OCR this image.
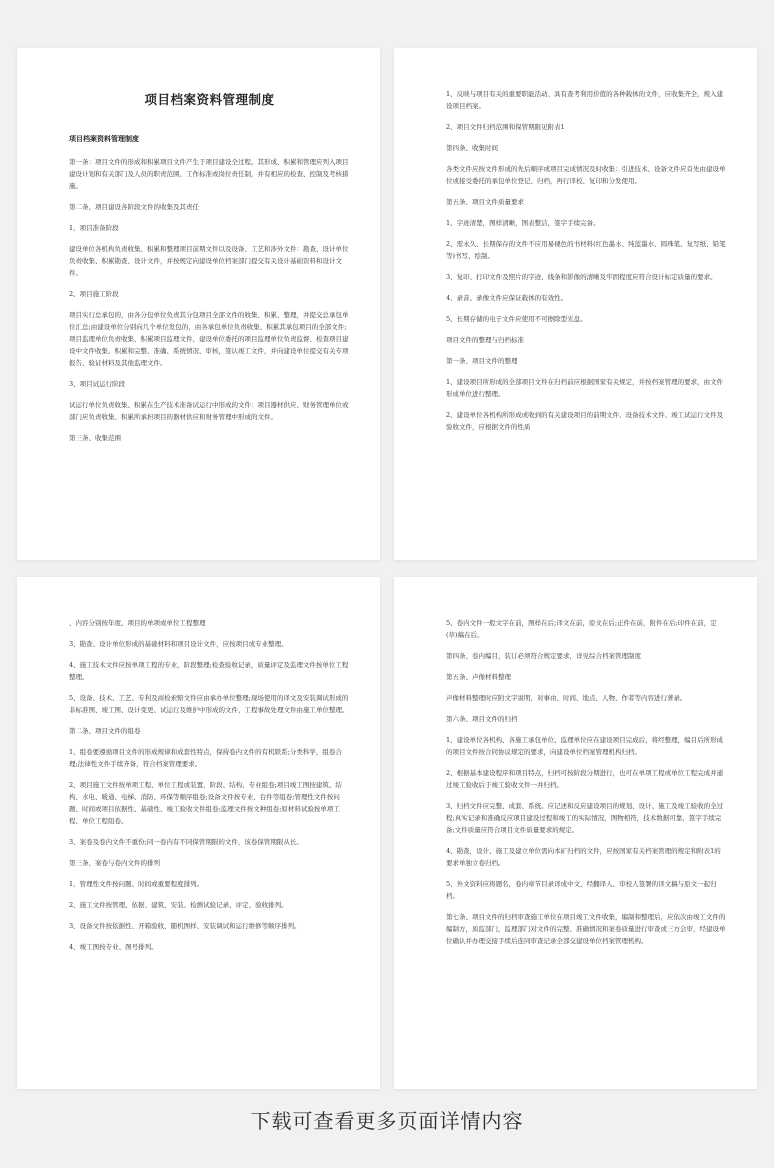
项目档案资料管理制度
项目档案资料管理制度
第一条：项目文件的形成和积累项目文件产生于项目建设全过程。其形成、积累和管理应列入项目建设计划和有关部门及人员的职责范围、工作标准或岗位责任制，并有相应的检查、控制及考核措施。
第二条、项目建设各阶段文件的收集及其责任
1、项目准备阶段
建设单位各机构负责收集、积累和整理项目前期文件以及设备、工艺和涉外文件：勘查、设计单位负责收集、积累勘查、设计文件，并按规定向建设单位档案部门提交有关设计基础资料和设计文件。
2、项目施工阶段
项目实行总承包的，由各分包单位负责其分包项目全部文件的收集、积累、整理，并提交总承包单位汇总;由建设单位分别向几个单位发包的，由各承包单位负责收集、积累其承包项目的全部文件;项目监理单位负责收集、积累项目监理文件，建设单位委托的项目监理单位负责监督、检查项目建设中文件收集、积累和完整、准确、系统情况、审核，签认竣工文件，并向建设单位提交有关专项报告、验证材料及其他监理文件。
3、项目试运行阶段
试运行单位负责收集、积累在生产技术准备试运行中形成的文件：项目器材供应、财务管理单位或部门应负责收集、积累所承担项目的器材供应和财务管理中形成的文件。
第三条、收集范围
1、反映与项目有关的重要职能活动、具有查考利用价值的各种载体的文件，应收集齐全，规入建设项目档案。
2、项目文件归档范围和保管期限见附表1
第四条、收集时间
各类文件应按文件形成的先后顺序或项目完成情况及时收集：引进技术、设备文件应首先由建设单位或接受委托的承包单位登记、归档，再行译校、复印和分发使用。
第五条、项目文件质量要求
1、字迹清楚，图样清晰，图表整洁，签字手续完备。
2、需永久、长期保存的文件不应用易褪色的书材料(红色墨水、纯蓝墨水、圆珠笔、复写纸、铅笔等)书写、绘制。
3、复印、打印文件及照片的字迹、线条和影像的清晰及牢固程度应符合设计标定质量的要求。
4、录音、录像文件应保证载体的有效性。
5、长期存储的电子文件应使用不可擦除型光盘。
项目文件的整理与归档标准
第一条、项目文件的整理
1、建设项目所形成的全部项目文件在归档前应根据国家有关规定，并按档案管理的要求，由文件形成单位进行整理。
2、建设单位各机构所形成或收到的有关建设项目的前期文件、设备技术文件、竣工试运行文件及验收文件，应根据文件的性质
、内容分别按年度、项目的单项或单位工程整理
3、勘查、设计单位形成的基础材料和项目设计文件，应按项目或专业整理。
4、施工技术文件应按单项工程的专业，阶段整理;检查验收记录，质量评定及监理文件按单位工程整理。
5、设备、技术、工艺、专利及商检索赔文件应由承办单位整理;现场使用的译文及安装调试形成的非标准图、竣工图、设计变更、试运行及维护中形成的文件，工程事故处理文件由施工单位整理。
第二条、项目文件的组卷
1、组卷要遵循项目文件的形成规律和成套性特点，保持卷内文件的有机联系;分类科学，组卷合理;法律性文件手续齐备，符合档案管理要求。
2、项目施工文件按单项工程、单位工程或装置、阶段、结构、专业组卷;项目竣工图按建筑、结构、水电、暖通、电梯、消防、环保等顺序组卷;设备文件按专业、台件等组卷;管理性文件按问题、时间或项目依据性、基础性、竣工验收文件组卷;监理文件按文种组卷;原材料试验按单项工程、单位工程组卷。
3、案卷及卷内文件不重份;同一卷内有不同保管期限的文件，该卷保管期限从长。
第三条、案卷与卷内文件的排列
1、管理性文件按问题、时间或重要程度排列。
2、施工文件按管理、依据、建筑、安装、检测试验记录、评定、验收排列。
3、设备文件按依据性、开箱验收、随机图样、安装调试和运行维修等顺序排列。
4、竣工图按专业、图号排列。
5、卷内文件一般文字在前，图样在后;译文在前，原文在后;正件在前，附件在后;印件在前，定(草)稿在后。
第四条、卷内编目，装订必须符合规定要求，详见综合档案管理制度
第五条、声像材料整理
声像材料整理时应附文字说明，对事由、时间、地点、人物、作者等内容进行著录。
第六条、项目文件的归档
1、建设单位各机构、各施工承包单位、监理单位应在建设项目完成后，将经整理，编目后所形成的项目文件按合同协议规定的要求，向建设单位档案管理机构归档。
2、根据基本建设程序和项目特点，归档可按阶段分期进行，也可在单项工程或单位工程完成并通过竣工验收后于竣工验收文件一并归档。
3、归档文件应完整、成套、系统。应记述和反应建设项目的规划、设计、施工及竣工验收的全过程;真实记录和准确反应项目建设过程和竣工的实际情况，图物相符，技术数据可靠，签字手续完备;文件质量应符合项目文件质量要求的规定。
4、勘查，设计、施工及建立单位需向本矿归档的文件，应按国家有关档案管理的规定和附表1的要求单独立卷归档。
5、外文资料应将题名，卷内章节目录译成中文，经翻译人、审校人签署的译文稿与原文一起归档。
第七条、项目文件的归档审查施工单位在项目竣工文件收集，编制和整理后，应依次由竣工文件的编制方，质监部门，监理部门对文件的完整、准确情况和案卷质量进行审查或三方会审，经建设单位确认并办理交接手续后连同审查记录全部交建设单位档案管理机构。
下载可查看更多页面详情内容
